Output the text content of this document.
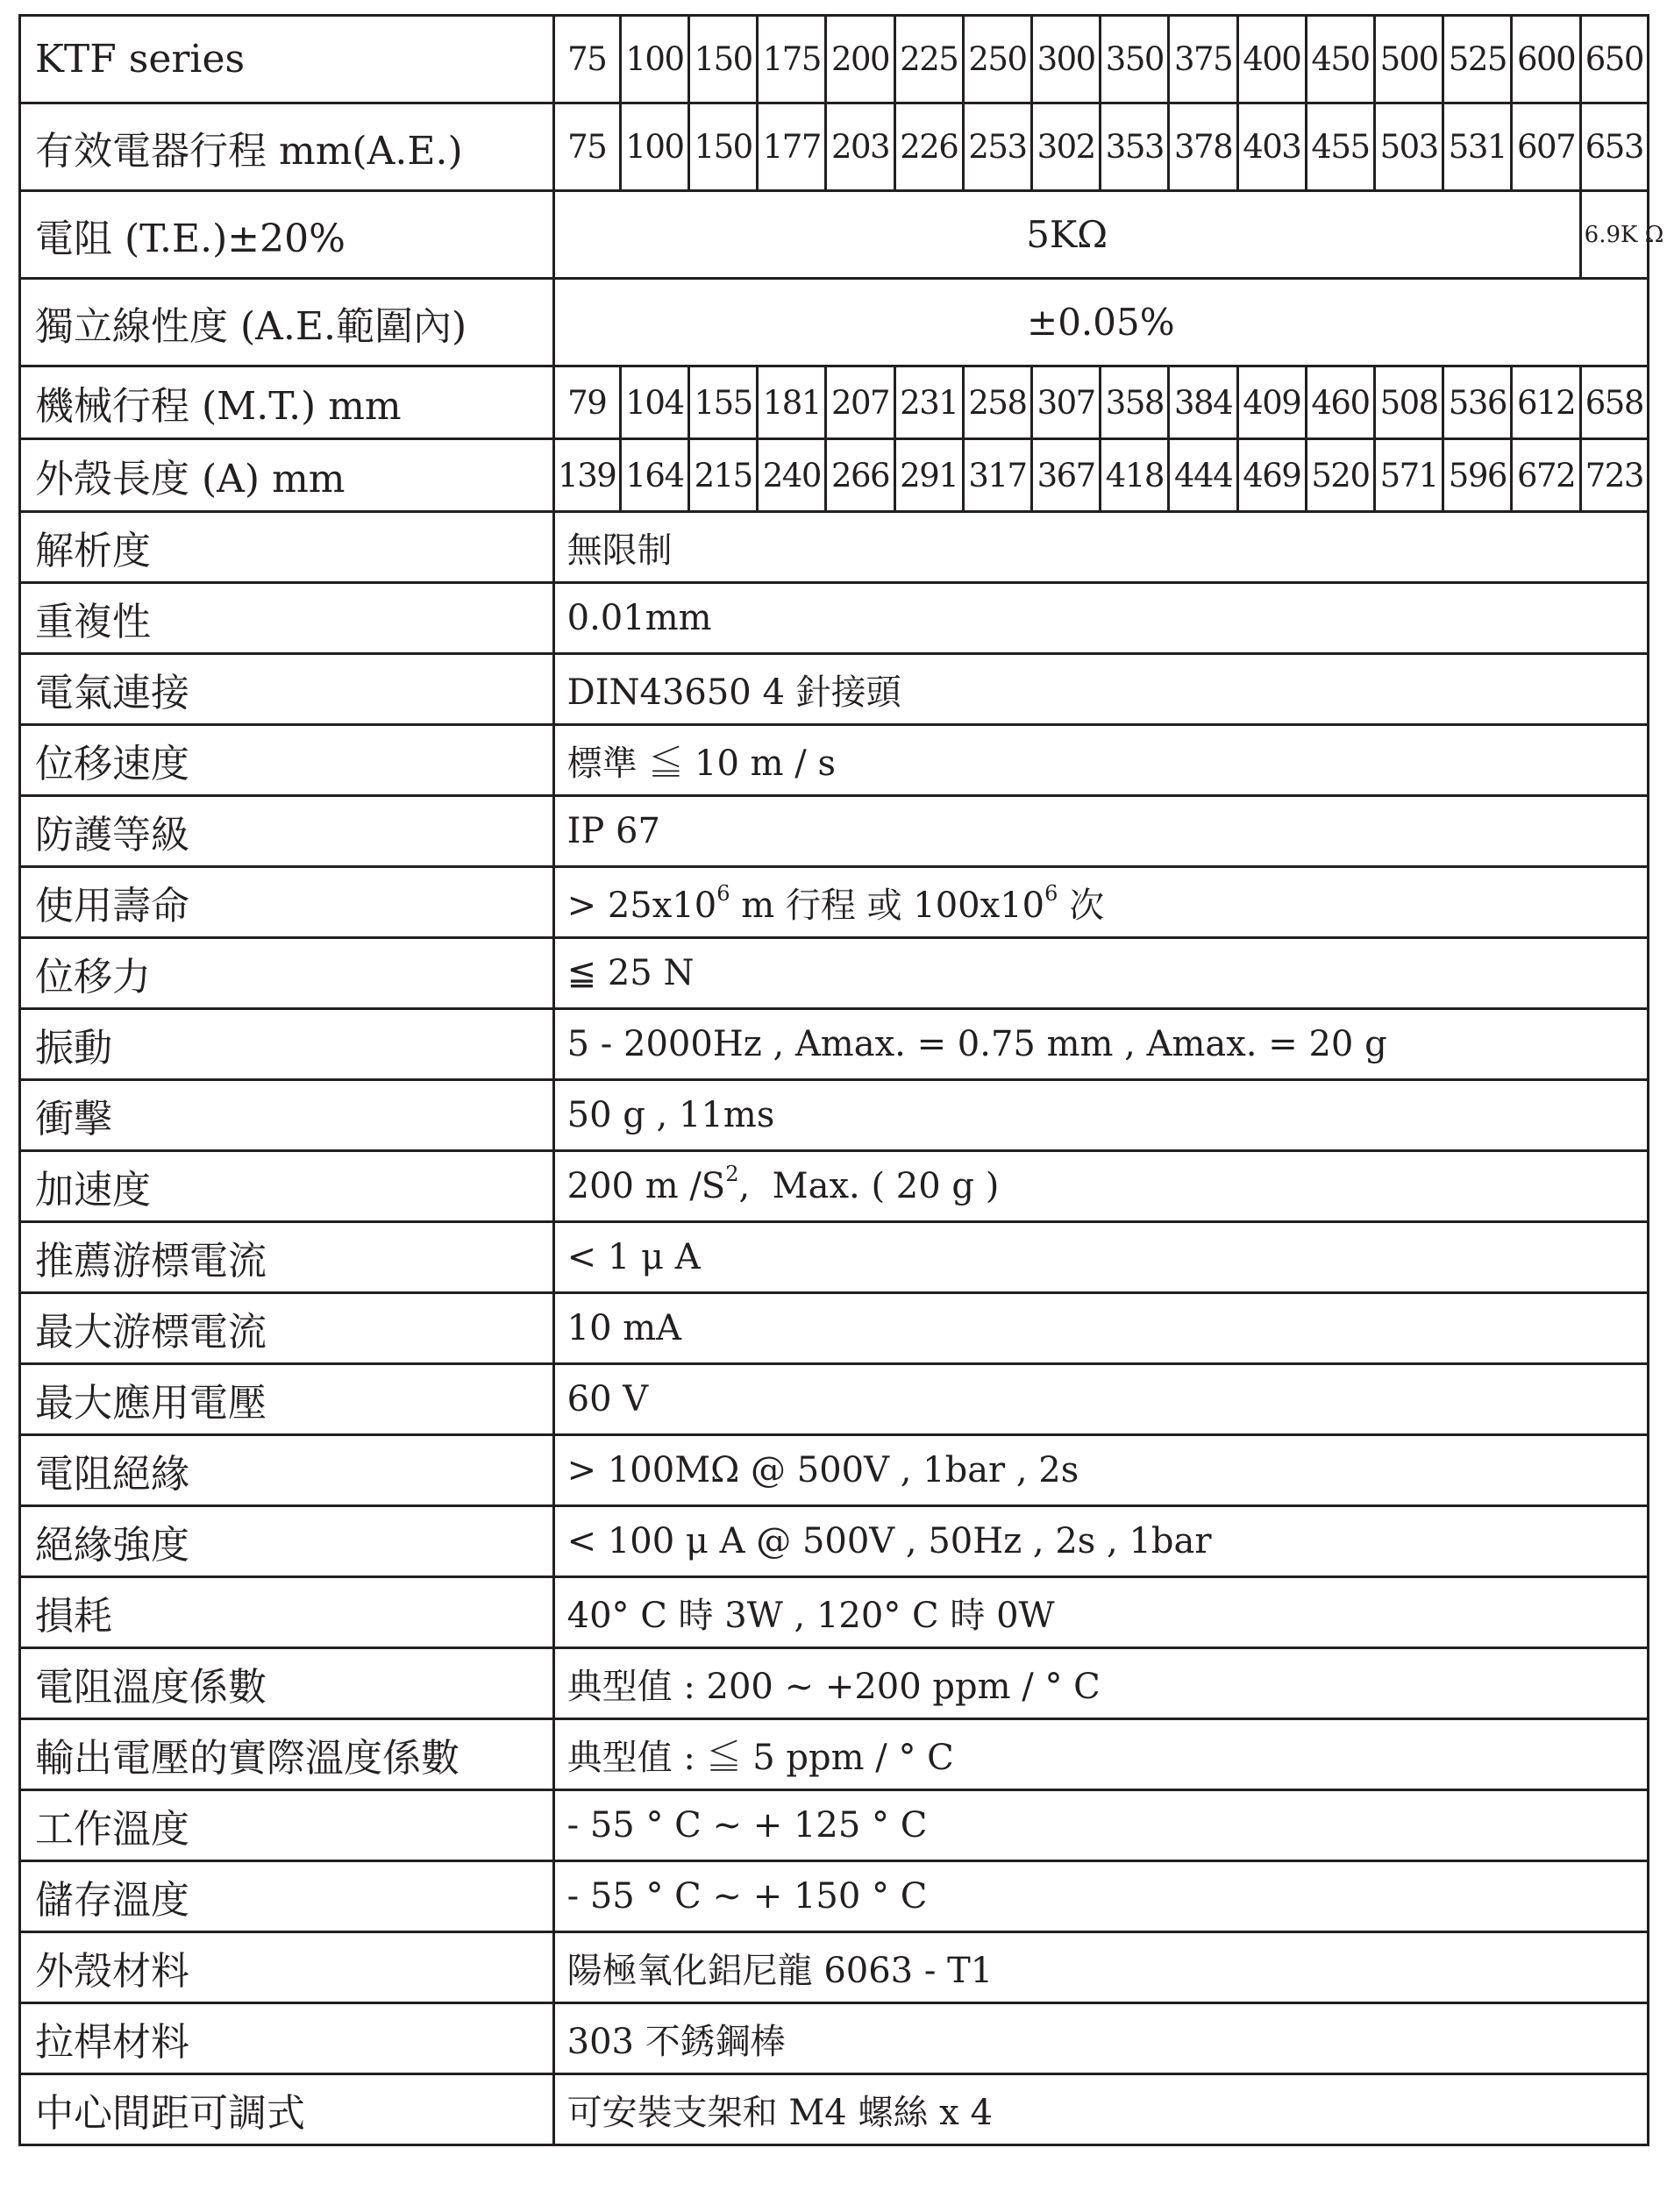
KTF series	75	100	150	175	200	225	250	300	350	375	400	450	500	525	600	650
有效電器行程 mm(A.E.)	75	100	150	177	203	226	253	302	353	378	403	455	503	531	607	653
電阻 (T.E.)±20%	5KΩ															6.9K Ω
獨立線性度 (A.E.範圍內)	±0.05%															
機械行程 (M.T.) mm	79	104	155	181	207	231	258	307	358	384	409	460	508	536	612	658
外殼長度 (A) mm	139	164	215	240	266	291	317	367	418	444	469	520	571	596	672	723
解析度	無限制															
重複性	0.01mm															
電氣連接	DIN43650 4 針接頭															
位移速度	標準 ≦ 10 m / s															
防護等級	IP 67															
使用壽命	> $25x10^6$ m 行程 或 $100x10^6$ 次															
位移力	≦ 25 N															
振動	5 - 2000Hz , Amax. = 0.75 mm , Amax. = 20 g															
衝擊	50 g , 11ms															
加速度	200 m $/S^2$,  Max. ( 20 g )															
推薦游標電流	< 1 μ A															
最大游標電流	10 mA															
最大應用電壓	60 V															
電阻絕緣	> 100MΩ @ 500V , 1bar , 2s															
絕緣強度	< 100 μ A @ 500V , 50Hz , 2s , 1bar															
損耗	40° C 時 3W , 120° C 時 0W															
電阻溫度係數	典型值 : 200 ~ +200 ppm / ° C															
輸出電壓的實際溫度係數	典型值 : ≦ 5 ppm / ° C															
工作溫度	- 55 ° C ~ + 125 ° C															
儲存溫度	- 55 ° C ~ + 150 ° C															
外殼材料	陽極氧化鋁尼龍 6063 - T1															
拉桿材料	303 不銹鋼棒															
中心間距可調式	可安裝支架和 M4 螺絲 x 4															
